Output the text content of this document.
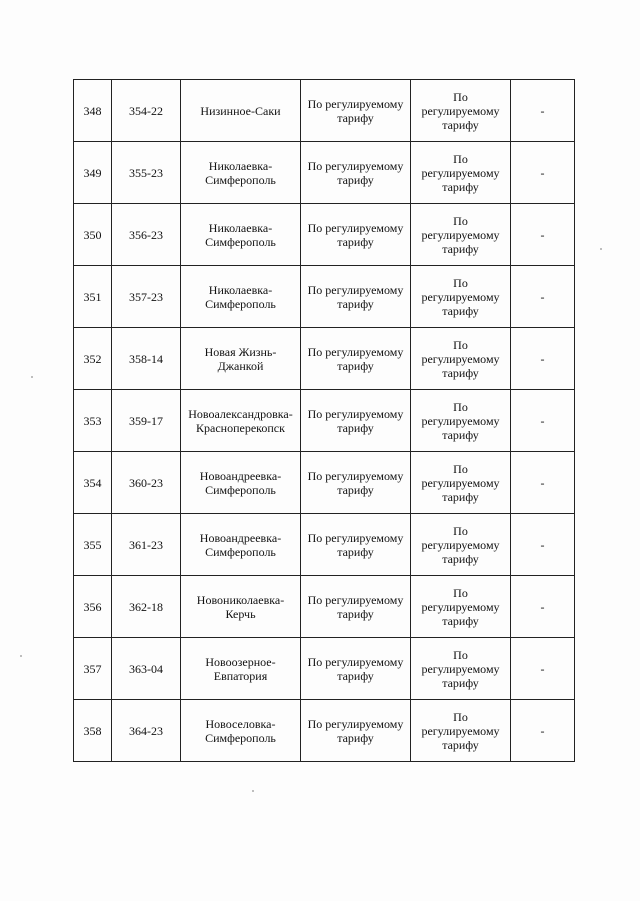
348	354-22	Низинное-Саки	По регулируемому
тарифу	По
регулируемому
тарифу	-
349	355-23	Николаевка-
Симферополь	По регулируемому
тарифу	По
регулируемому
тарифу	-
350	356-23	Николаевка-
Симферополь	По регулируемому
тарифу	По
регулируемому
тарифу	-
351	357-23	Николаевка-
Симферополь	По регулируемому
тарифу	По
регулируемому
тарифу	-
352	358-14	Новая Жизнь-
Джанкой	По регулируемому
тарифу	По
регулируемому
тарифу	-
353	359-17	Новоалександровка-
Красноперекопск	По регулируемому
тарифу	По
регулируемому
тарифу	-
354	360-23	Новоандреевка-
Симферополь	По регулируемому
тарифу	По
регулируемому
тарифу	-
355	361-23	Новоандреевка-
Симферополь	По регулируемому
тарифу	По
регулируемому
тарифу	-
356	362-18	Новониколаевка-
Керчь	По регулируемому
тарифу	По
регулируемому
тарифу	-
357	363-04	Новоозерное-
Евпатория	По регулируемому
тарифу	По
регулируемому
тарифу	-
358	364-23	Новоселовка-
Симферополь	По регулируемому
тарифу	По
регулируемому
тарифу	-
